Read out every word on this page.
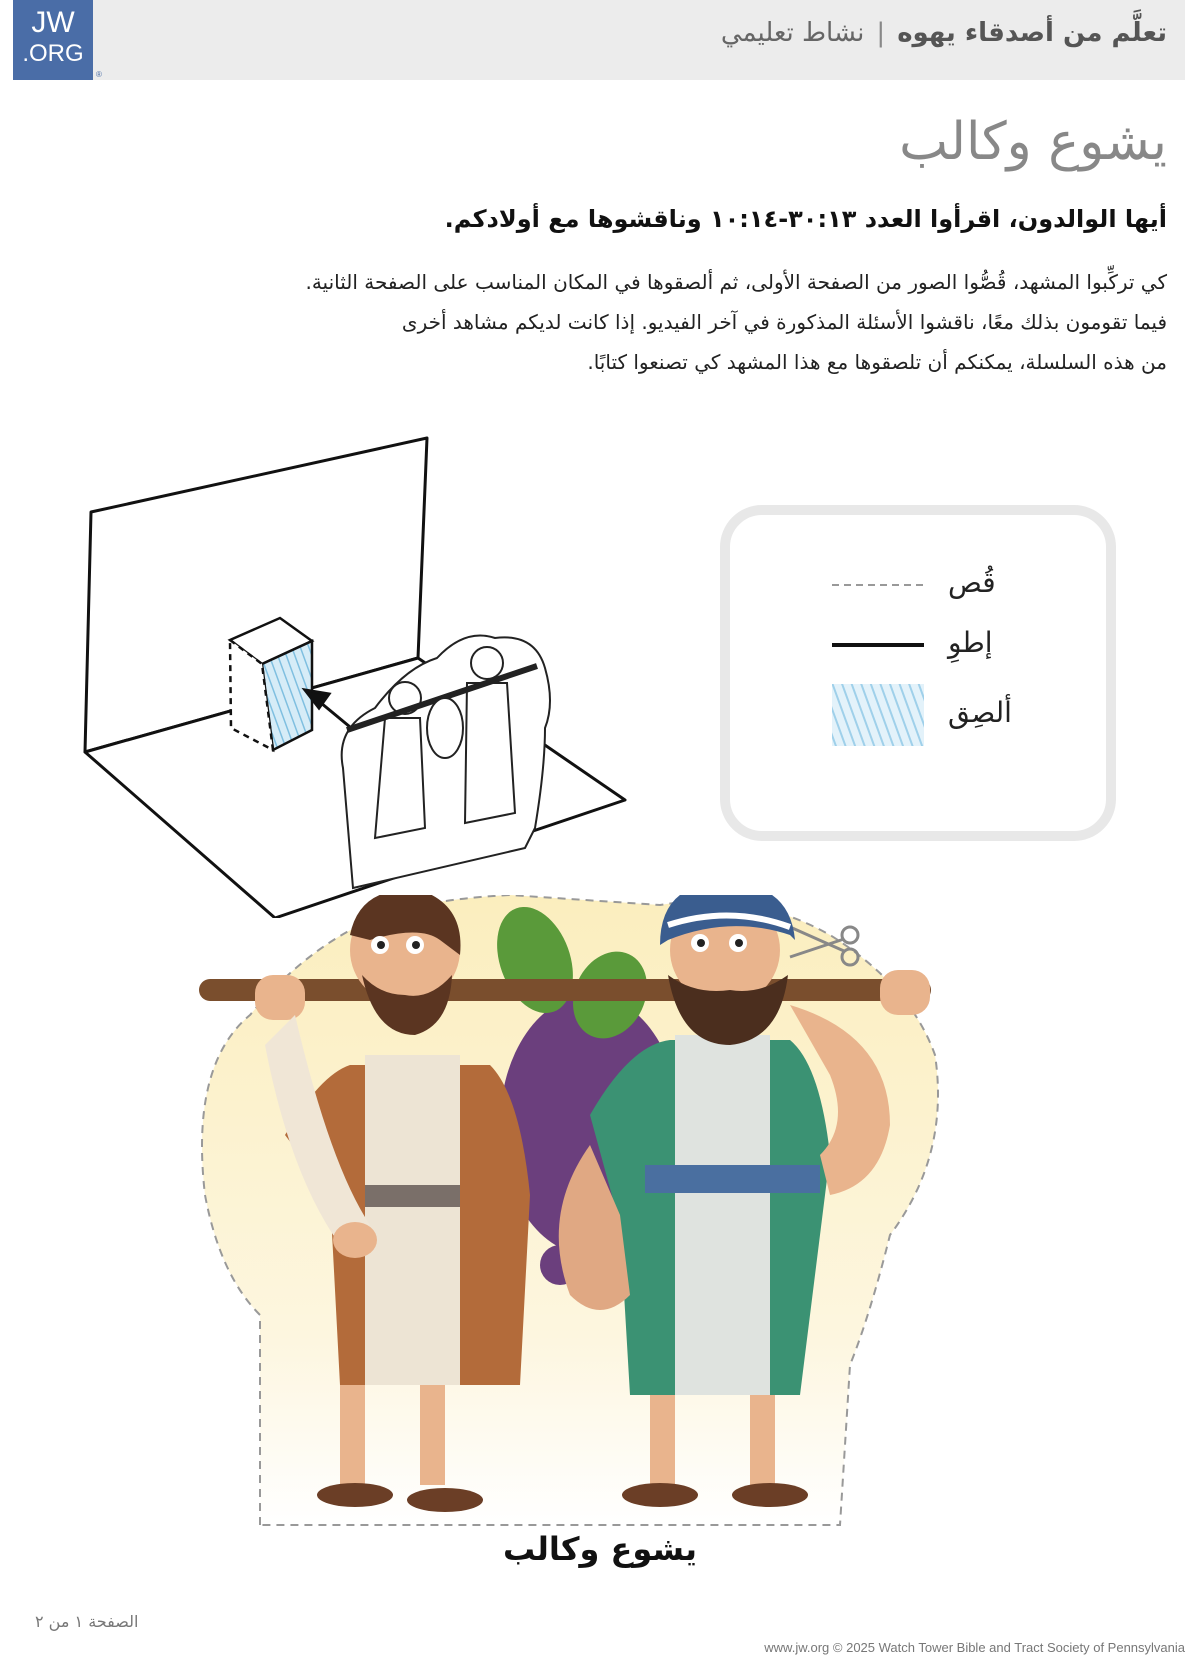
JW
.ORG
®
تعلَّم من أصدقاء يهوه|نشاط تعليمي
يشوع وكالب
أيها الوالدون، اقرأوا العدد ١٣:‏٣٠-‏١٤:‏١٠ وناقشوها مع أولادكم.
كي تركِّبوا المشهد، قُصُّوا الصور من الصفحة الأولى، ثم ألصقوها في المكان المناسب على الصفحة الثانية.
فيما تقومون بذلك معًا، ناقشوا الأسئلة المذكورة في آخر الفيديو. إذا كانت لديكم مشاهد أخرى
من هذه السلسلة، يمكنكم أن تلصقوها مع هذا المشهد كي تصنعوا كتابًا.
قُص
إطوِ
ألصِق
يشوع وكالب
الصفحة ١ من ٢
www.jw.org © 2025 Watch Tower Bible and Tract Society of Pennsylvania
